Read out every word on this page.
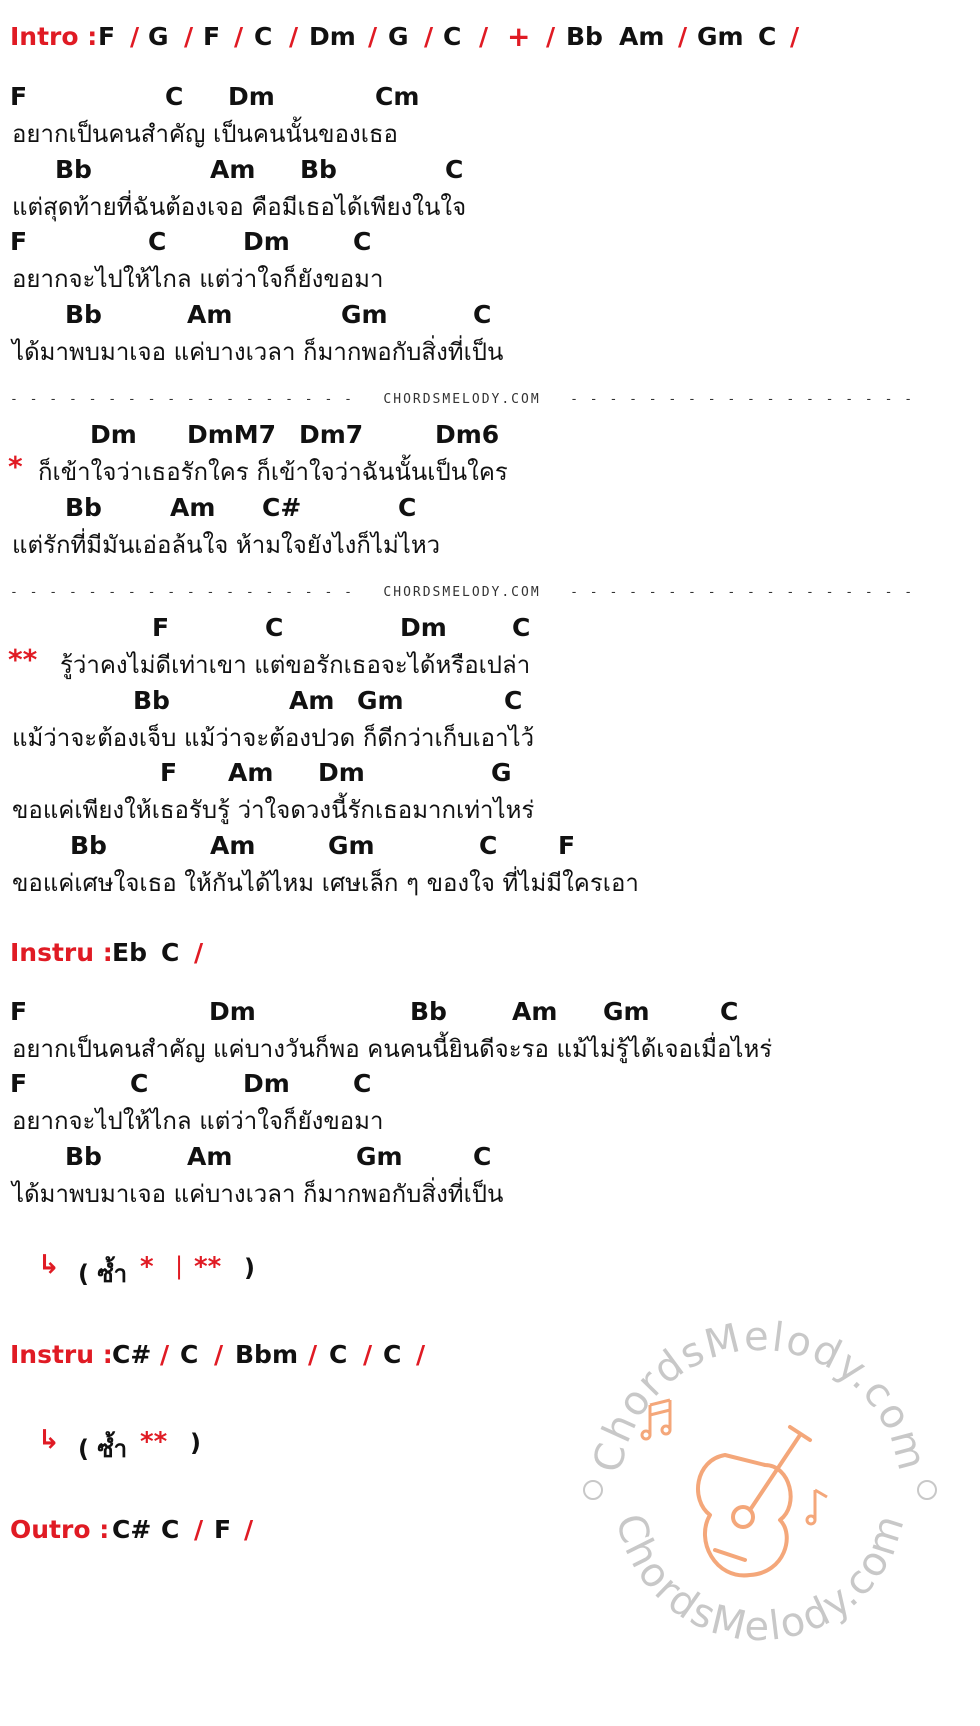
Intro : F / G / F / C / Dm / G / C / + / Bb Am / Gm C /
F	C Dm	Cm
อยากเป็นคนสำคัญ เป็นคนนั้นของเธอ
Bb	Am Bb	C
แต่สุดท้ายที่ฉันต้องเจอ คือมีเธอได้เพียงในใจ
F	C	Dm	C
อยากจะไปให้ไกล แต่ว่าใจก็ยังขอมา
Bb	Am	Gm	C
ได้มาพบมาเจอ แค่บางเวลา ก็มากพอกับสิ่งที่เป็น
- - - - - - - - - - - - - - - - - -   CHORDSMELODY.COM   - - - - - - - - - - - - - - - - - -
Dm DmM7 Dm7	Dm6
* ก็เข้าใจว่าเธอรักใคร ก็เข้าใจว่าฉันนั้นเป็นใคร
Bb	Am C#	C
แต่รักที่มีมันเอ่อล้นใจ ห้ามใจยังไงก็ไม่ไหว
- - - - - - - - - - - - - - - - - -   CHORDSMELODY.COM   - - - - - - - - - - - - - - - - - -
F	C	Dm	C
** รู้ว่าคงไม่ดีเท่าเขา แต่ขอรักเธอจะได้หรือเปล่า
Bb	Am Gm	C
แม้ว่าจะต้องเจ็บ แม้ว่าจะต้องปวด ก็ดีกว่าเก็บเอาไว้
F Am Dm	G
ขอแค่เพียงให้เธอรับรู้ ว่าใจดวงนี้รักเธอมากเท่าไหร่
Bb	Am	Gm	C F
ขอแค่เศษใจเธอ ให้กันได้ไหม เศษเล็ก ๆ ของใจ ที่ไม่มีใครเอา
Instru : Eb C /
F	Dm	Bb	Am Gm	C
อยากเป็นคนสำคัญ แค่บางวันก็พอ คนคนนี้ยินดีจะรอ แม้ไม่รู้ได้เจอเมื่อไหร่
F	C	Dm	C
อยากจะไปให้ไกล แต่ว่าใจก็ยังขอมา
Bb	Am	Gm	C
ได้มาพบมาเจอ แค่บางเวลา ก็มากพอกับสิ่งที่เป็น
↳ ( ซ้ำ * | ** )
Instru : C# / C / Bbm / C / C /
↳ ( ซ้ำ ** )
Outro : C# C / F /
ChordsMelody.com
ChordsMelody.com
